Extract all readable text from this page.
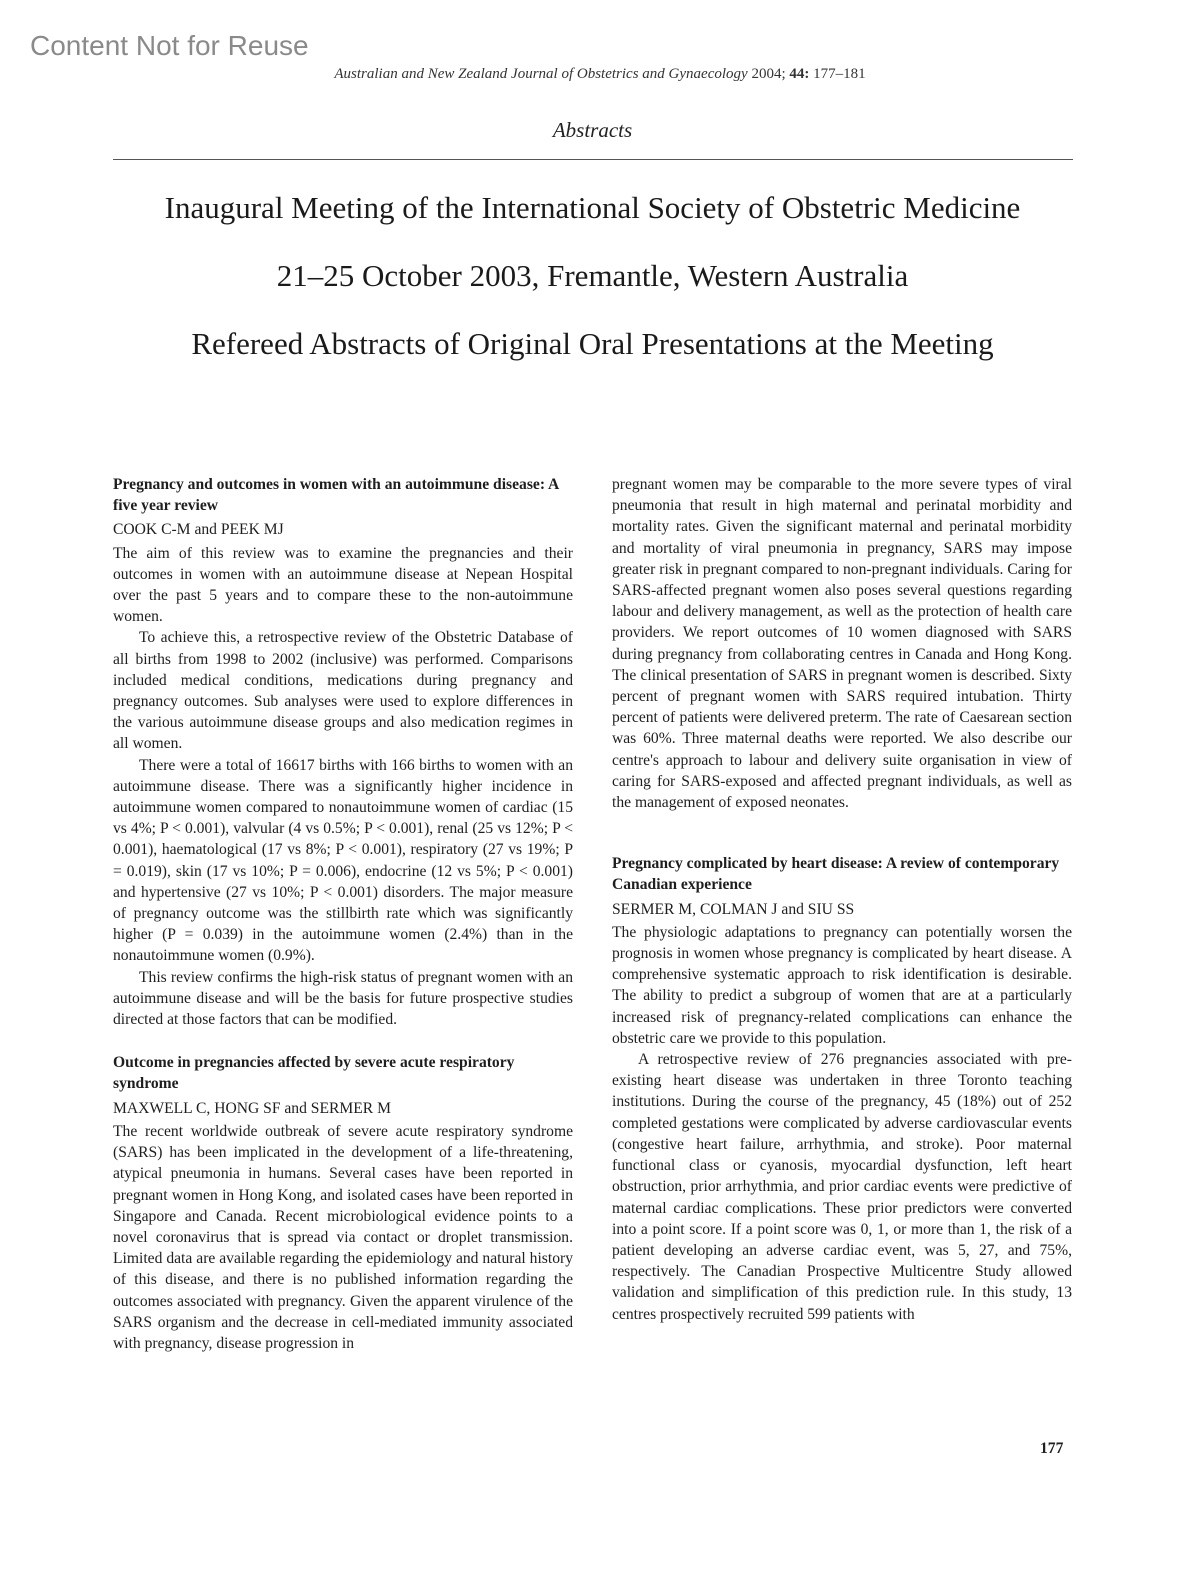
Content Not for Reuse
Australian and New Zealand Journal of Obstetrics and Gynaecology 2004; 44: 177–181
Abstracts
Inaugural Meeting of the International Society of Obstetric Medicine
21–25 October 2003, Fremantle, Western Australia
Refereed Abstracts of Original Oral Presentations at the Meeting
Pregnancy and outcomes in women with an autoimmune disease: A five year review
COOK C-M and PEEK MJ

The aim of this review was to examine the pregnancies and their outcomes in women with an autoimmune disease at Nepean Hospital over the past 5 years and to compare these to the non-autoimmune women.

To achieve this, a retrospective review of the Obstetric Database of all births from 1998 to 2002 (inclusive) was performed. Comparisons included medical conditions, medications during pregnancy and pregnancy outcomes. Sub analyses were used to explore differences in the various autoimmune disease groups and also medication regimes in all women.

There were a total of 16617 births with 166 births to women with an autoimmune disease. There was a significantly higher incidence in autoimmune women compared to nonautoimmune women of cardiac (15 vs 4%; P < 0.001), valvular (4 vs 0.5%; P < 0.001), renal (25 vs 12%; P < 0.001), haematological (17 vs 8%; P < 0.001), respiratory (27 vs 19%; P = 0.019), skin (17 vs 10%; P = 0.006), endocrine (12 vs 5%; P < 0.001) and hypertensive (27 vs 10%; P < 0.001) disorders. The major measure of pregnancy outcome was the stillbirth rate which was significantly higher (P = 0.039) in the autoimmune women (2.4%) than in the nonautoimmune women (0.9%).

This review confirms the high-risk status of pregnant women with an autoimmune disease and will be the basis for future prospective studies directed at those factors that can be modified.

Outcome in pregnancies affected by severe acute respiratory syndrome
MAXWELL C, HONG SF and SERMER M

The recent worldwide outbreak of severe acute respiratory syndrome (SARS) has been implicated in the development of a life-threatening, atypical pneumonia in humans. Several cases have been reported in pregnant women in Hong Kong, and isolated cases have been reported in Singapore and Canada. Recent microbiological evidence points to a novel coronavirus that is spread via contact or droplet transmission. Limited data are available regarding the epidemiology and natural history of this disease, and there is no published information regarding the outcomes associated with pregnancy. Given the apparent virulence of the SARS organism and the decrease in cell-mediated immunity associated with pregnancy, disease progression in

pregnant women may be comparable to the more severe types of viral pneumonia that result in high maternal and perinatal morbidity and mortality rates. Given the significant maternal and perinatal morbidity and mortality of viral pneumonia in pregnancy, SARS may impose greater risk in pregnant compared to non-pregnant individuals. Caring for SARS-affected pregnant women also poses several questions regarding labour and delivery management, as well as the protection of health care providers. We report outcomes of 10 women diagnosed with SARS during pregnancy from collaborating centres in Canada and Hong Kong. The clinical presentation of SARS in pregnant women is described. Sixty percent of pregnant women with SARS required intubation. Thirty percent of patients were delivered preterm. The rate of Caesarean section was 60%. Three maternal deaths were reported. We also describe our centre's approach to labour and delivery suite organisation in view of caring for SARS-exposed and affected pregnant individuals, as well as the management of exposed neonates.

Pregnancy complicated by heart disease: A review of contemporary Canadian experience
SERMER M, COLMAN J and SIU SS

The physiologic adaptations to pregnancy can potentially worsen the prognosis in women whose pregnancy is complicated by heart disease. A comprehensive systematic approach to risk identification is desirable. The ability to predict a subgroup of women that are at a particularly increased risk of pregnancy-related complications can enhance the obstetric care we provide to this population.

A retrospective review of 276 pregnancies associated with pre-existing heart disease was undertaken in three Toronto teaching institutions. During the course of the pregnancy, 45 (18%) out of 252 completed gestations were complicated by adverse cardiovascular events (congestive heart failure, arrhythmia, and stroke). Poor maternal functional class or cyanosis, myocardial dysfunction, left heart obstruction, prior arrhythmia, and prior cardiac events were predictive of maternal cardiac complications. These prior predictors were converted into a point score. If a point score was 0, 1, or more than 1, the risk of a patient developing an adverse cardiac event, was 5, 27, and 75%, respectively. The Canadian Prospective Multicentre Study allowed validation and simplification of this prediction rule. In this study, 13 centres prospectively recruited 599 patients with

177
